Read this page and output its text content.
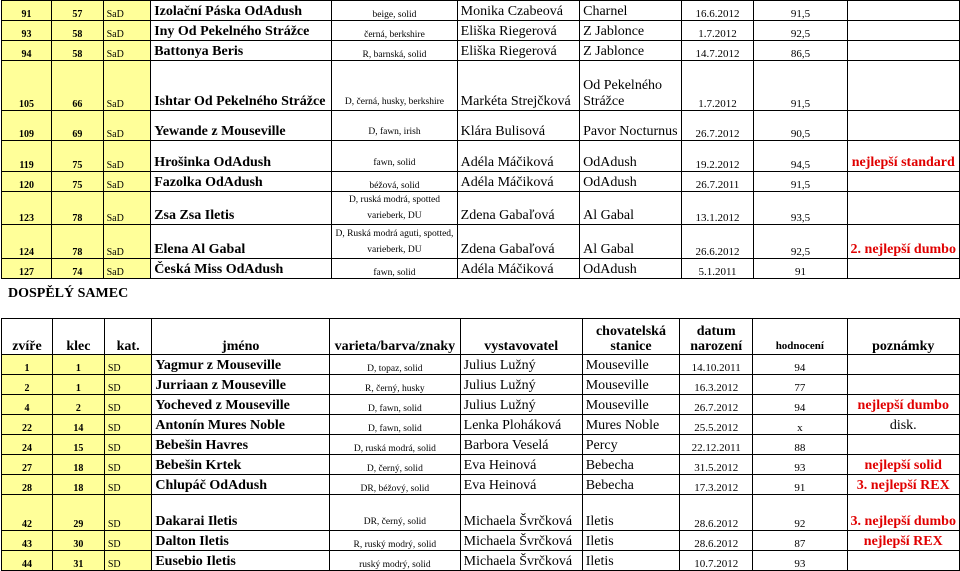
91	57	SaD	Izolační Páska OdAdush	beige, solid	Monika Czabeová	Charnel	16.6.2012	91,5	
93	58	SaD	Iny Od Pekelného Strážce	černá, berkshire	Eliška Riegerová	Z Jablonce	1.7.2012	92,5	
94	58	SaD	Battonya Beris	R, barnská, solid	Eliška Riegerová	Z Jablonce	14.7.2012	86,5	
105	66	SaD	Ishtar Od Pekelného Strážce	D, černá, husky, berkshire	Markéta Strejčková	Od Pekelného Strážce	1.7.2012	91,5	
109	69	SaD	Yewande z Mouseville	D, fawn, irish	Klára Bulisová	Pavor Nocturnus	26.7.2012	90,5	
119	75	SaD	Hrošinka OdAdush	fawn, solid	Adéla Máčiková	OdAdush	19.2.2012	94,5	nejlepší standard
120	75	SaD	Fazolka OdAdush	béžová, solid	Adéla Máčiková	OdAdush	26.7.2011	91,5	
123	78	SaD	Zsa Zsa Iletis	D, ruská modrá, spotted varieberk, DU	Zdena Gabaľová	Al Gabal	13.1.2012	93,5	
124	78	SaD	Elena Al Gabal	D, Ruská modrá aguti, spotted, varieberk, DU	Zdena Gabaľová	Al Gabal	26.6.2012	92,5	2. nejlepší dumbo
127	74	SaD	Česká Miss OdAdush	fawn, solid	Adéla Máčiková	OdAdush	5.1.2011	91	
DOSPĚLÝ SAMEC
zvíře	klec	kat.	jméno	varieta/barva/znaky	vystavovatel	chovatelská stanice	datum narození	hodnocení	poznámky
1	1	SD	Yagmur z Mouseville	D, topaz, solid	Julius Lužný	Mouseville	14.10.2011	94	
2	1	SD	Jurriaan z Mouseville	R, černý, husky	Julius Lužný	Mouseville	16.3.2012	77	
4	2	SD	Yocheved z Mouseville	D, fawn, solid	Julius Lužný	Mouseville	26.7.2012	94	nejlepší dumbo
22	14	SD	Antonín Mures Noble	D, fawn, solid	Lenka Ploháková	Mures Noble	25.5.2012	x	disk.
24	15	SD	Bebešin Havres	D, ruská modrá, solid	Barbora Veselá	Percy	22.12.2011	88	
27	18	SD	Bebešin Krtek	D, černý, solid	Eva Heinová	Bebecha	31.5.2012	93	nejlepší solid
28	18	SD	Chlupáč OdAdush	DR, béžový, solid	Eva Heinová	Bebecha	17.3.2012	91	3. nejlepší REX
42	29	SD	Dakarai Iletis	DR, černý, solid	Michaela Švrčková	Iletis	28.6.2012	92	3. nejlepší dumbo
43	30	SD	Dalton Iletis	R, ruský modrý, solid	Michaela Švrčková	Iletis	28.6.2012	87	nejlepší REX
44	31	SD	Eusebio Iletis	ruský modrý, solid	Michaela Švrčková	Iletis	10.7.2012	93	
